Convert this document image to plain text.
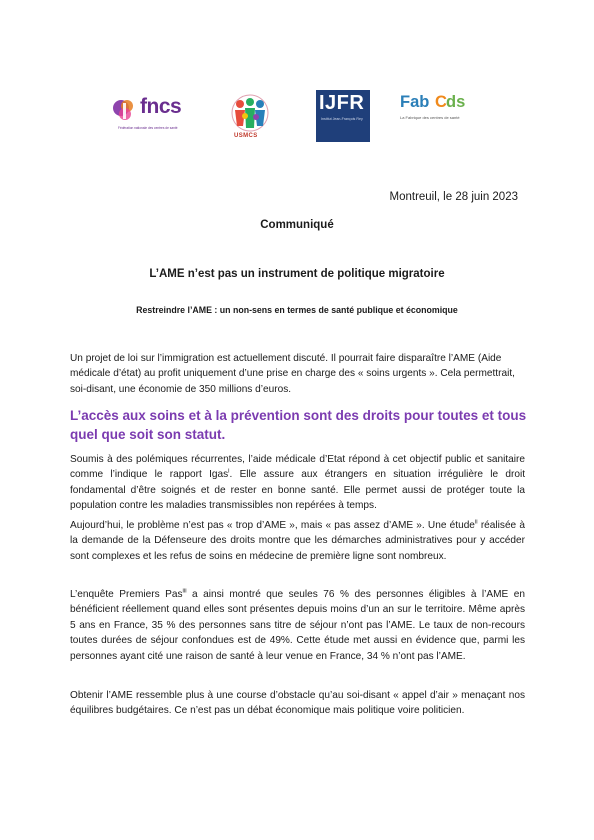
fncs
Fédération nationale des centres de santé
USMCS
IJFR
Institut Jean-François Rey
Fab C ds
La Fabrique des centres de santé
Montreuil, le 28 juin 2023
Communiqué
L’AME n’est pas un instrument de politique migratoire
Restreindre l’AME : un non-sens en termes de santé publique et économique

Un projet de loi sur l’immigration est actuellement discuté. Il pourrait faire disparaître l’AME (Aide médicale d’état) au profit uniquement d’une prise en charge des « soins urgents ». Cela permettrait, soi-disant, une économie de 350 millions d’euros.

L’accès aux soins et à la prévention sont des droits pour toutes et tous quel que soit son statut.

Soumis à des polémiques récurrentes, l’aide médicale d’Etat répond à cet objectif public et sanitaire comme l’indique le rapport Igas$^i$. Elle assure aux étrangers en situation irrégulière le droit fondamental d’être soignés et de rester en bonne santé. Elle permet aussi de protéger toute la population contre les maladies transmissibles non repérées à temps.

Aujourd’hui, le problème n’est pas « trop d’AME », mais « pas assez d’AME ». Une étude$^{ii}$ réalisée à la demande de la Défenseure des droits montre que les démarches administratives pour y accéder sont complexes et les refus de soins en médecine de première ligne sont nombreux.

L’enquête Premiers Pas$^{iii}$ a ainsi montré que seules 76 % des personnes éligibles à l’AME en bénéficient réellement quand elles sont présentes depuis moins d’un an sur le territoire. Même après 5 ans en France, 35 % des personnes sans titre de séjour n’ont pas l’AME. Le taux de non-recours toutes durées de séjour confondues est de 49%. Cette étude met aussi en évidence que, parmi les personnes ayant cité une raison de santé à leur venue en France, 34 % n’ont pas l’AME.

Obtenir l’AME ressemble plus à une course d’obstacle qu’au soi-disant « appel d’air » menaçant nos équilibres budgétaires. Ce n’est pas un débat économique mais politique voire politicien.
